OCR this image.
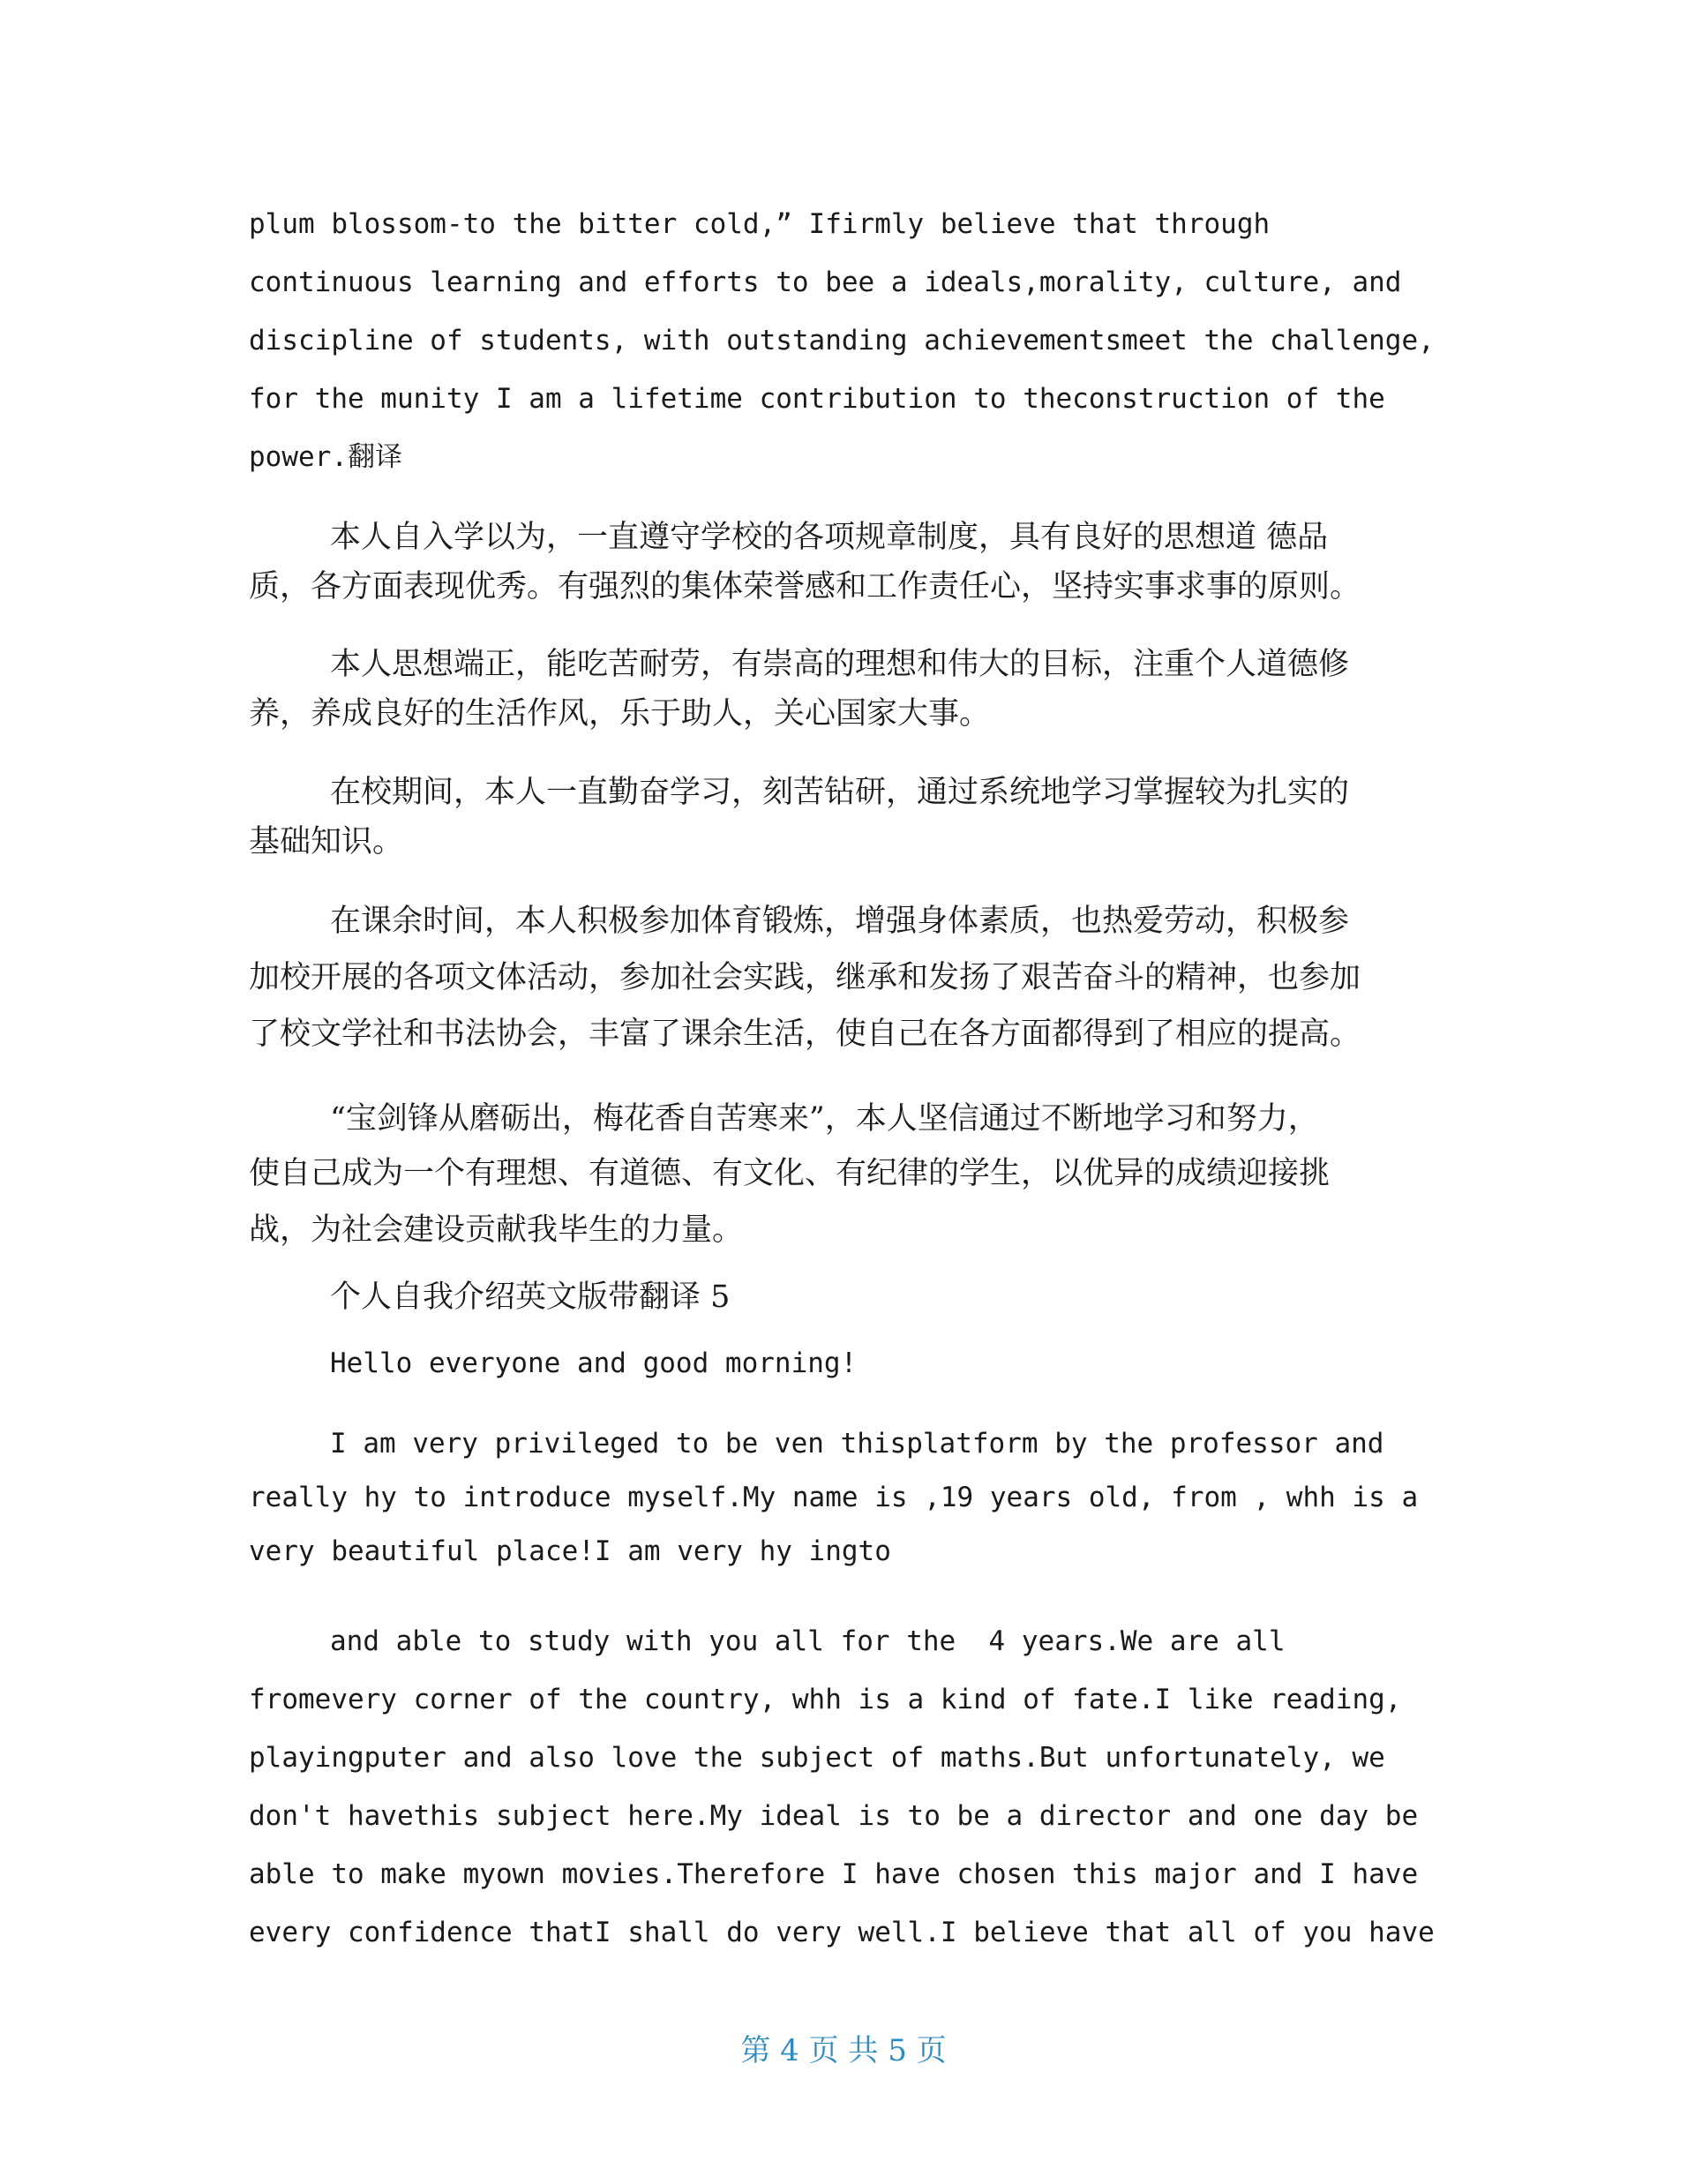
plum blossom-to the bitter cold,” Ifirmly believe that through
continuous learning and efforts to bee a ideals,morality, culture, and
discipline of students, with outstanding achievementsmeet the challenge,
for the munity I am a lifetime contribution to theconstruction of the
power.翻译
本人自入学以为，一直遵守学校的各项规章制度，具有良好的思想道 德品
质，各方面表现优秀。有强烈的集体荣誉感和工作责任心，坚持实事求事的原则。
本人思想端正，能吃苦耐劳，有崇高的理想和伟大的目标，注重个人道德修
养，养成良好的生活作风，乐于助人，关心国家大事。
在校期间，本人一直勤奋学习，刻苦钻研，通过系统地学习掌握较为扎实的
基础知识。
在课余时间，本人积极参加体育锻炼，增强身体素质，也热爱劳动，积极参
加校开展的各项文体活动，参加社会实践，继承和发扬了艰苦奋斗的精神，也参加
了校文学社和书法协会，丰富了课余生活，使自己在各方面都得到了相应的提高。
“宝剑锋从磨砺出，梅花香自苦寒来”，本人坚信通过不断地学习和努力，
使自己成为一个有理想、有道德、有文化、有纪律的学生，以优异的成绩迎接挑
战，为社会建设贡献我毕生的力量。
个人自我介绍英文版带翻译 5
Hello everyone and good morning!
I am very privileged to be ven thisplatform by the professor and
really hy to introduce myself.My name is ,19 years old, from , whh is a
very beautiful place!I am very hy ingto
and able to study with you all for the  4 years.We are all
fromevery corner of the country, whh is a kind of fate.I like reading,
playingputer and also love the subject of maths.But unfortunately, we
don't havethis subject here.My ideal is to be a director and one day be
able to make myown movies.Therefore I have chosen this major and I have
every confidence thatI shall do very well.I believe that all of you have
第 4 页 共 5 页
